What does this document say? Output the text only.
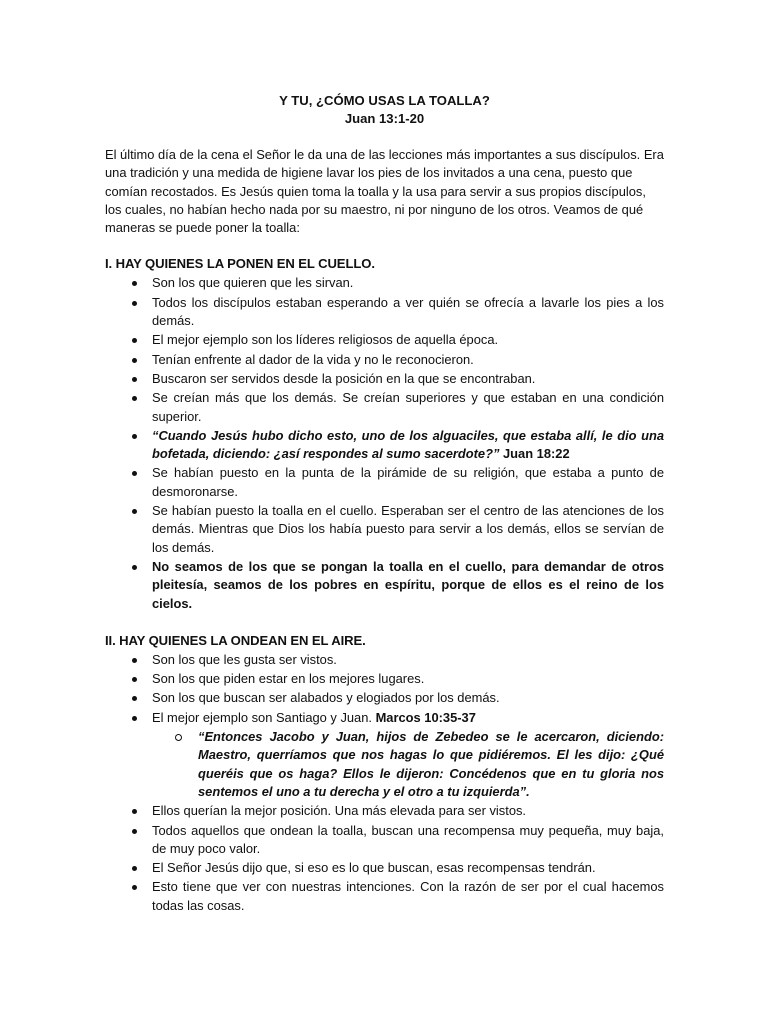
Y TU, ¿CÓMO USAS LA TOALLA?
Juan 13:1-20

El último día de la cena el Señor le da una de las lecciones más importantes a sus discípulos. Era una tradición y una medida de higiene lavar los pies de los invitados a una cena, puesto que comían recostados. Es Jesús quien toma la toalla y la usa para servir a sus propios discípulos, los cuales, no habían hecho nada por su maestro, ni por ninguno de los otros. Veamos de qué maneras se puede poner la toalla:

I. HAY QUIENES LA PONEN EN EL CUELLO.
Son los que quieren que les sirvan.
Todos los discípulos estaban esperando a ver quién se ofrecía a lavarle los pies a los demás.
El mejor ejemplo son los líderes religiosos de aquella época.
Tenían enfrente al dador de la vida y no le reconocieron.
Buscaron ser servidos desde la posición en la que se encontraban.
Se creían más que los demás. Se creían superiores y que estaban en una condición superior.
“Cuando Jesús hubo dicho esto, uno de los alguaciles, que estaba allí, le dio una bofetada, diciendo: ¿así respondes al sumo sacerdote?” Juan 18:22
Se habían puesto en la punta de la pirámide de su religión, que estaba a punto de desmoronarse.
Se habían puesto la toalla en el cuello. Esperaban ser el centro de las atenciones de los demás. Mientras que Dios los había puesto para servir a los demás, ellos se servían de los demás.
No seamos de los que se pongan la toalla en el cuello, para demandar de otros pleitesía, seamos de los pobres en espíritu, porque de ellos es el reino de los cielos.
II. HAY QUIENES LA ONDEAN EN EL AIRE.
Son los que les gusta ser vistos.
Son los que piden estar en los mejores lugares.
Son los que buscan ser alabados y elogiados por los demás.
El mejor ejemplo son Santiago y Juan. Marcos 10:35-37
“Entonces Jacobo y Juan, hijos de Zebedeo se le acercaron, diciendo: Maestro, querríamos que nos hagas lo que pidiéremos. El les dijo: ¿Qué queréis que os haga? Ellos le dijeron: Concédenos que en tu gloria nos sentemos el uno a tu derecha y el otro a tu izquierda”.
Ellos querían la mejor posición. Una más elevada para ser vistos.
Todos aquellos que ondean la toalla, buscan una recompensa muy pequeña, muy baja, de muy poco valor.
El Señor Jesús dijo que, si eso es lo que buscan, esas recompensas tendrán.
Esto tiene que ver con nuestras intenciones. Con la razón de ser por el cual hacemos todas las cosas.
